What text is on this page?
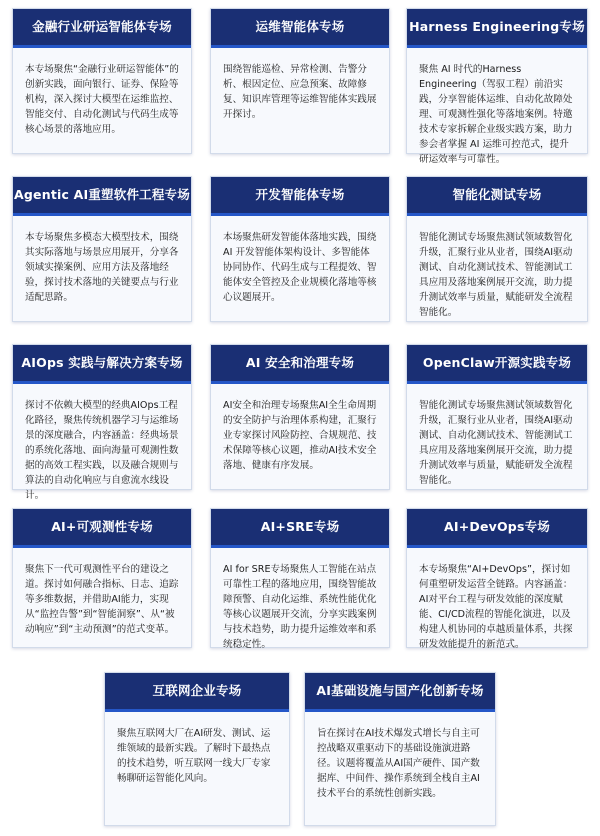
金融行业研运智能体专场
本专场聚焦“金融行业研运智能体”的创新实践，面向银行、证券、保险等机构，深入探讨大模型在运维监控、智能交付、自动化测试与代码生成等核心场景的落地应用。
运维智能体专场
围绕智能巡检、异常检测、告警分析、根因定位、应急预案、故障修复、知识库管理等运维智能体实践展开探讨。
Harness Engineering专场
聚焦 AI 时代的Harness Engineering（驾驭工程）前沿实践，分享智能体运维、自动化故障处理、可观测性强化等落地案例。特邀技术专家拆解企业级实践方案，助力参会者掌握 AI 运维可控范式，提升研运效率与可靠性。
Agentic AI重塑软件工程专场
本专场聚焦多模态大模型技术，围绕其实际落地与场景应用展开，分享各领域实操案例、应用方法及落地经验，探讨技术落地的关键要点与行业适配思路。
开发智能体专场
本场聚焦研发智能体落地实践，围绕 AI 开发智能体架构设计、多智能体协同协作、代码生成与工程提效、智能体安全管控及企业规模化落地等核心议题展开。
智能化测试专场
智能化测试专场聚焦测试领域数智化升级，汇聚行业从业者，围绕AI驱动测试、自动化测试技术、智能测试工具应用及落地案例展开交流，助力提升测试效率与质量，赋能研发全流程智能化。
AIOps 实践与解决方案专场
探讨不依赖大模型的经典AIOps工程化路径，聚焦传统机器学习与运维场景的深度融合，内容涵盖：经典场景的系统化落地、面向海量可观测性数据的高效工程实践，以及融合规则与算法的自动化响应与自愈流水线设计。
AI 安全和治理专场
AI安全和治理专场聚焦AI全生命周期的安全防护与治理体系构建，汇聚行业专家探讨风险防控、合规规范、技术保障等核心议题，推动AI技术安全落地、健康有序发展。
OpenClaw开源实践专场
智能化测试专场聚焦测试领域数智化升级，汇聚行业从业者，围绕AI驱动测试、自动化测试技术、智能测试工具应用及落地案例展开交流，助力提升测试效率与质量，赋能研发全流程智能化。
AI+可观测性专场
聚焦下一代可观测性平台的建设之道。探讨如何融合指标、日志、追踪等多维数据，并借助AI能力，实现从“监控告警”到“智能洞察”、从“被动响应”到“主动预测”的范式变革。
AI+SRE专场
AI for SRE专场聚焦人工智能在站点可靠性工程的落地应用，围绕智能故障预警、自动化运维、系统性能优化等核心议题展开交流，分享实践案例与技术趋势，助力提升运维效率和系统稳定性。
AI+DevOps专场
本专场聚焦“AI+DevOps”，探讨如何重塑研发运营全链路。内容涵盖：AI对平台工程与研发效能的深度赋能、CI/CD流程的智能化演进，以及构建人机协同的卓越质量体系，共探研发效能提升的新范式。
互联网企业专场
聚焦互联网大厂在AI研发、测试、运维领域的最新实践。了解时下最热点的技术趋势，听互联网一线大厂专家畅聊研运智能化风向。
AI基础设施与国产化创新专场
旨在探讨在AI技术爆发式增长与自主可控战略双重驱动下的基础设施演进路径。议题将覆盖从AI国产硬件、国产数据库、中间件、操作系统到全栈自主AI技术平台的系统性创新实践。
